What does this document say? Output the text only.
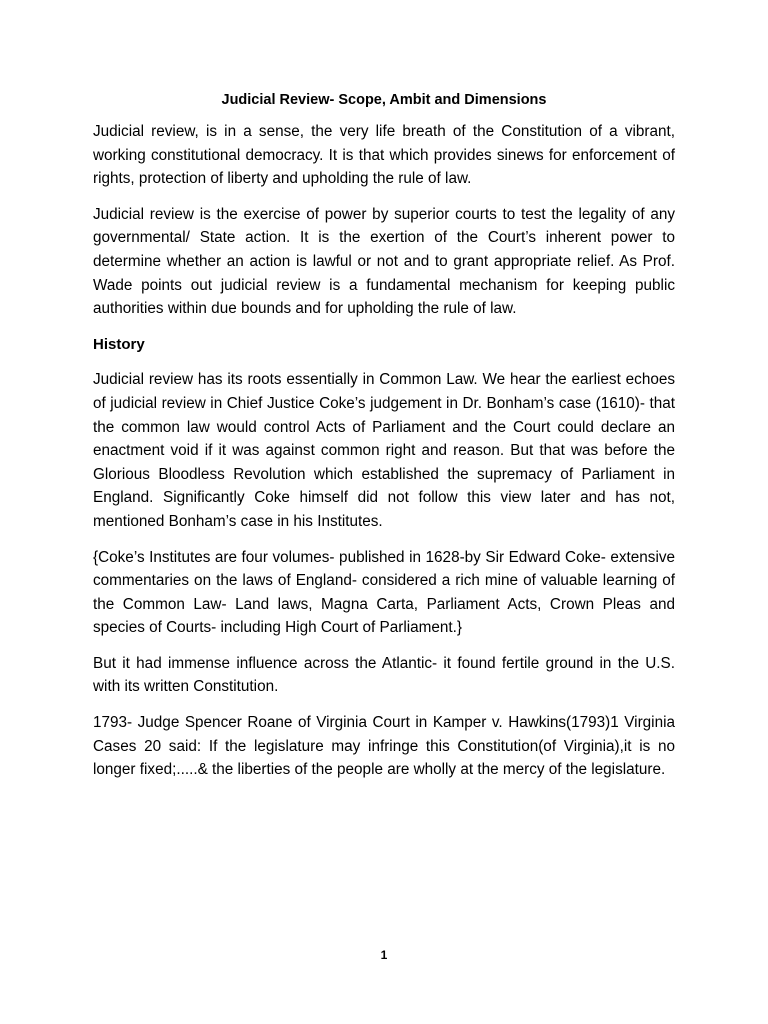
Judicial Review- Scope, Ambit and Dimensions

Judicial review, is in a sense, the very life breath of the Constitution of a vibrant, working constitutional democracy. It is that which provides sinews for enforcement of rights, protection of liberty and upholding the rule of law.

Judicial review is the exercise of power by superior courts to test the legality of any governmental/ State action. It is the exertion of the Court’s inherent power to determine whether an action is lawful or not and to grant appropriate relief. As Prof. Wade points out judicial review is a fundamental mechanism for keeping public authorities within due bounds and for upholding the rule of law.

History

Judicial review has its roots essentially in Common Law. We hear the earliest echoes of judicial review in Chief Justice Coke’s judgement in Dr. Bonham’s case (1610)- that the common law would control Acts of Parliament and the Court could declare an enactment void if it was against common right and reason. But that was before the Glorious Bloodless Revolution which established the supremacy of Parliament in England. Significantly Coke himself did not follow this view later and has not, mentioned Bonham’s case in his Institutes.

{Coke’s Institutes are four volumes- published in 1628-by Sir Edward Coke- extensive commentaries on the laws of England- considered a rich mine of valuable learning of the Common Law- Land laws, Magna Carta, Parliament Acts, Crown Pleas and species of Courts- including High Court of Parliament.}

But it had immense influence across the Atlantic- it found fertile ground in the U.S. with its written Constitution.

1793- Judge Spencer Roane of Virginia Court in Kamper v. Hawkins(1793)1 Virginia Cases 20 said: If the legislature may infringe this Constitution(of Virginia),it is no longer fixed;.....& the liberties of the people are wholly at the mercy of the legislature.

1
